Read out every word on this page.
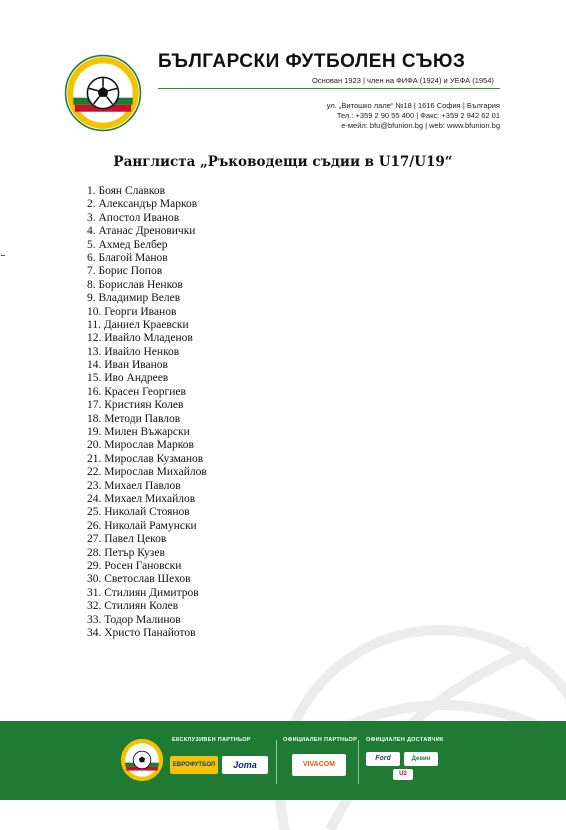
БЪЛГАРСКИ ФУТБОЛЕН СЪЮЗ
Основан 1923 | член на ФИФА (1924) и УЕФА (1954)
ул. „Витошко лале“ №18 | 1616 София | България
Тел.: +359 2 90 55 400 | Факс: +359 2 942 62 01
е-мейл: bfu@bfunion.bg | web: www.bfunion.bg
Ранглиста „Ръководещи съдии в U17/U19“
1. Боян Славков
2. Александър Марков
3. Апостол Иванов
4. Атанас Дреновички
5. Ахмед Белбер
6. Благой Манов
7. Борис Попов
8. Борислав Ненков
9. Владимир Велев
10. Георги Иванов
11. Даниел Краевски
12. Ивайло Младенов
13. Ивайло Ненков
14. Иван Иванов
15. Иво Андреев
16. Красен Георгиев
17. Кристиян Колев
18. Методи Павлов
19. Милен Въжарски
20. Мирослав Марков
21. Мирослав Кузманов
22. Мирослав Михайлов
23. Михаел Павлов
24. Михаел Михайлов
25. Николай Стоянов
26. Николай Рамунски
27. Павел Цеков
28. Петър Кузев
29. Росен Гановски
30. Светослав Шехов
31. Стилиян Димитров
32. Стилиян Колев
33. Тодор Малинов
34. Христо Панайотов
ЕКСКЛУЗИВЕН ПАРТНЬОР	ОФИЦИАЛЕН ПАРТНЬОР ОФИЦИАЛЕН ДОСТАВЧИК
ЕВРОФУТБОЛ	Joma	VIVACOM
Ford	Девин
U2
